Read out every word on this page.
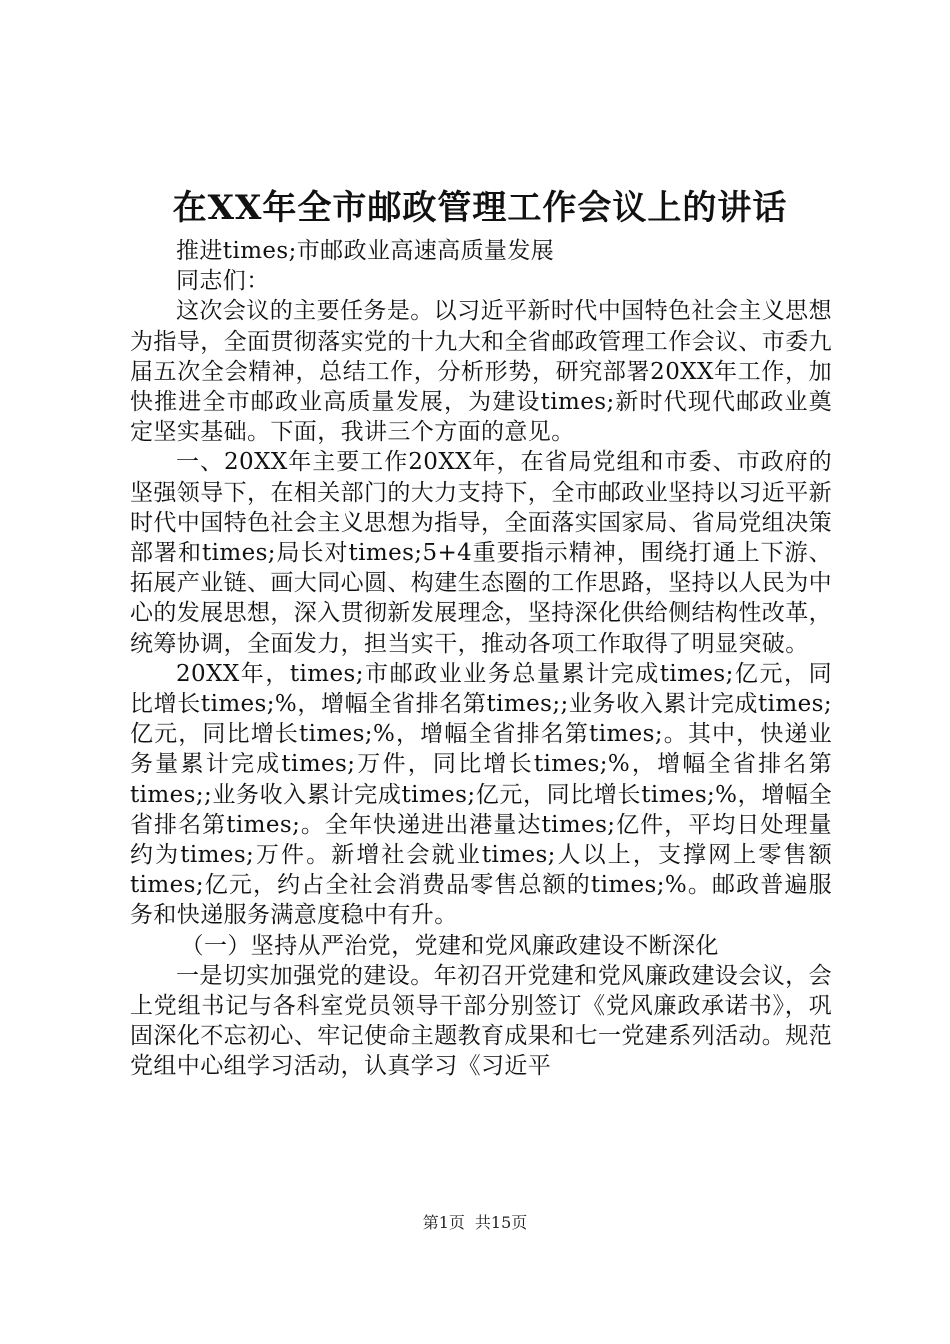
在XX年全市邮政管理工作会议上的讲话

推进times;市邮政业高速高质量发展

同志们：

这次会议的主要任务是。以习近平新时代中国特色社会主义思想为指导，全面贯彻落实党的十九大和全省邮政管理工作会议、市委九届五次全会精神，总结工作，分析形势，研究部署20XX年工作，加快推进全市邮政业高质量发展，为建设times;新时代现代邮政业奠定坚实基础。下面，我讲三个方面的意见。

一、20XX年主要工作20XX年，在省局党组和市委、市政府的坚强领导下，在相关部门的大力支持下，全市邮政业坚持以习近平新时代中国特色社会主义思想为指导，全面落实国家局、省局党组决策部署和times;局长对times;5+4重要指示精神，围绕打通上下游、拓展产业链、画大同心圆、构建生态圈的工作思路，坚持以人民为中心的发展思想，深入贯彻新发展理念，坚持深化供给侧结构性改革，统筹协调，全面发力，担当实干，推动各项工作取得了明显突破。

20XX年，times;市邮政业业务总量累计完成times;亿元，同比增长times;%，增幅全省排名第times;;业务收入累计完成times;亿元，同比增长times;%，增幅全省排名第times;。其中，快递业务量累计完成times;万件，同比增长times;%，增幅全省排名第times;;业务收入累计完成times;亿元，同比增长times;%，增幅全省排名第times;。全年快递进出港量达times;亿件，平均日处理量约为times;万件。新增社会就业times;人以上，支撑网上零售额times;亿元，约占全社会消费品零售总额的times;%。邮政普遍服务和快递服务满意度稳中有升。

（一）坚持从严治党，党建和党风廉政建设不断深化

一是切实加强党的建设。年初召开党建和党风廉政建设会议，会上党组书记与各科室党员领导干部分别签订《党风廉政承诺书》，巩固深化不忘初心、牢记使命主题教育成果和七一党建系列活动。规范党组中心组学习活动，认真学习《习近平

第1页 共15页
